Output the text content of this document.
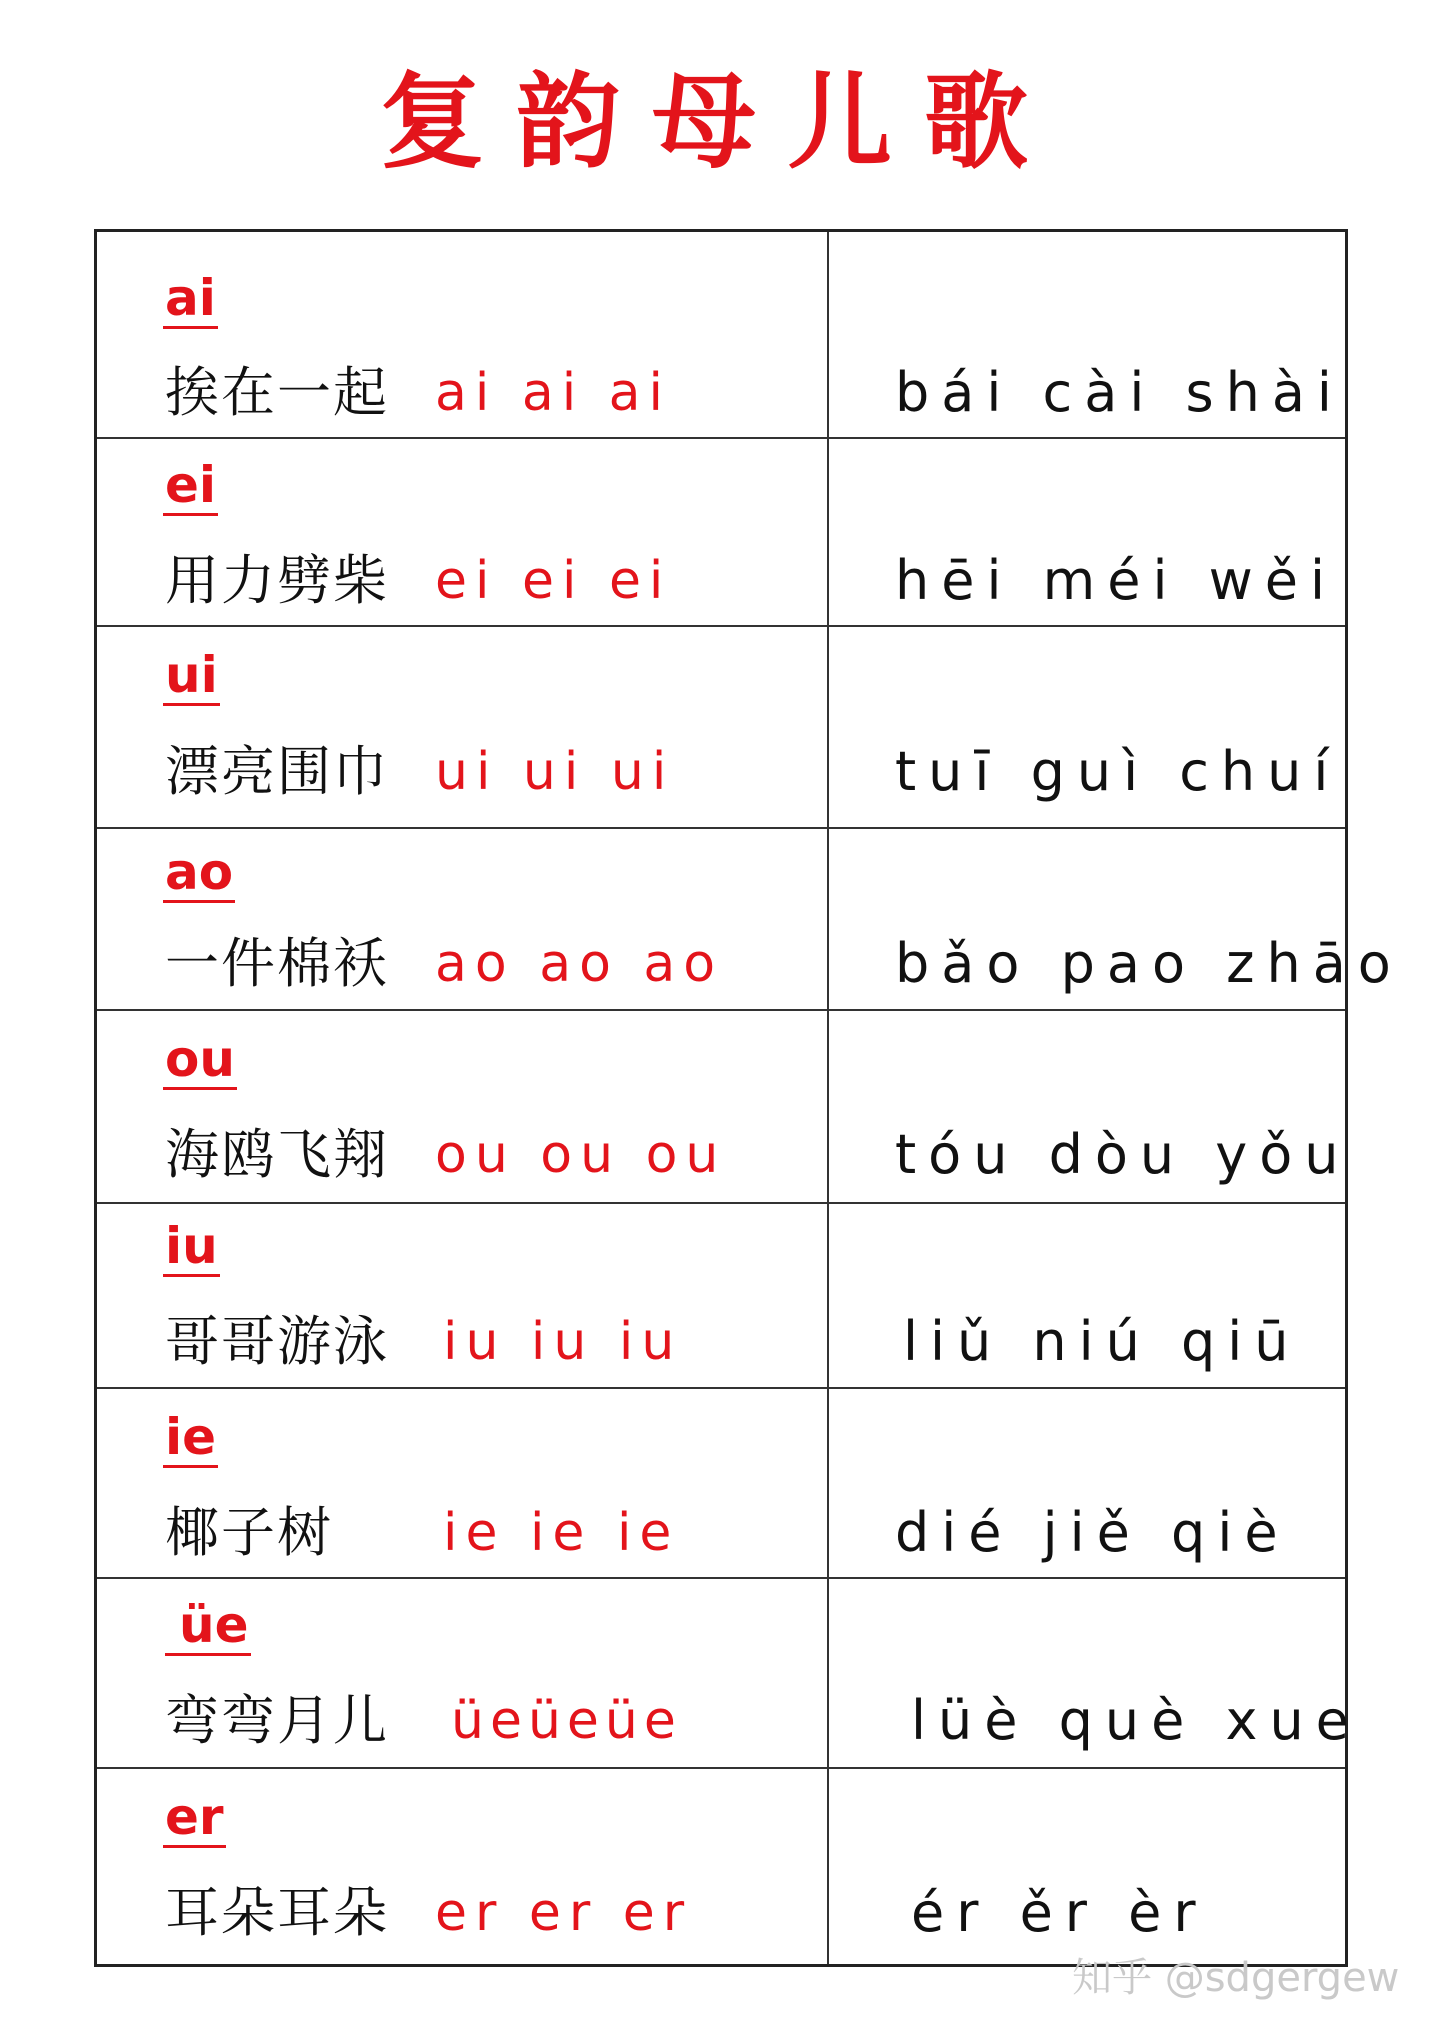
复韵母儿歌
ai
挨在一起 ai ai ai	bái cài shài
ei
用力劈柴 ei ei ei	hēi méi wěi
ui
漂亮围巾 ui ui ui	tuī guì chuí
ao
一件棉袄 ao ao ao	bǎo pao zhāo
ou
海鸥飞翔 ou ou ou	tóu dòu yǒu
iu
哥哥游泳 iu iu iu	liǔ niú qiū
ie
椰子树 ie ie ie	dié jiě qiè
üe
弯弯月儿 üeüeüe	lüè què xue
er
耳朵耳朵 er er er	ér ěr èr
知乎 @sdgergew
